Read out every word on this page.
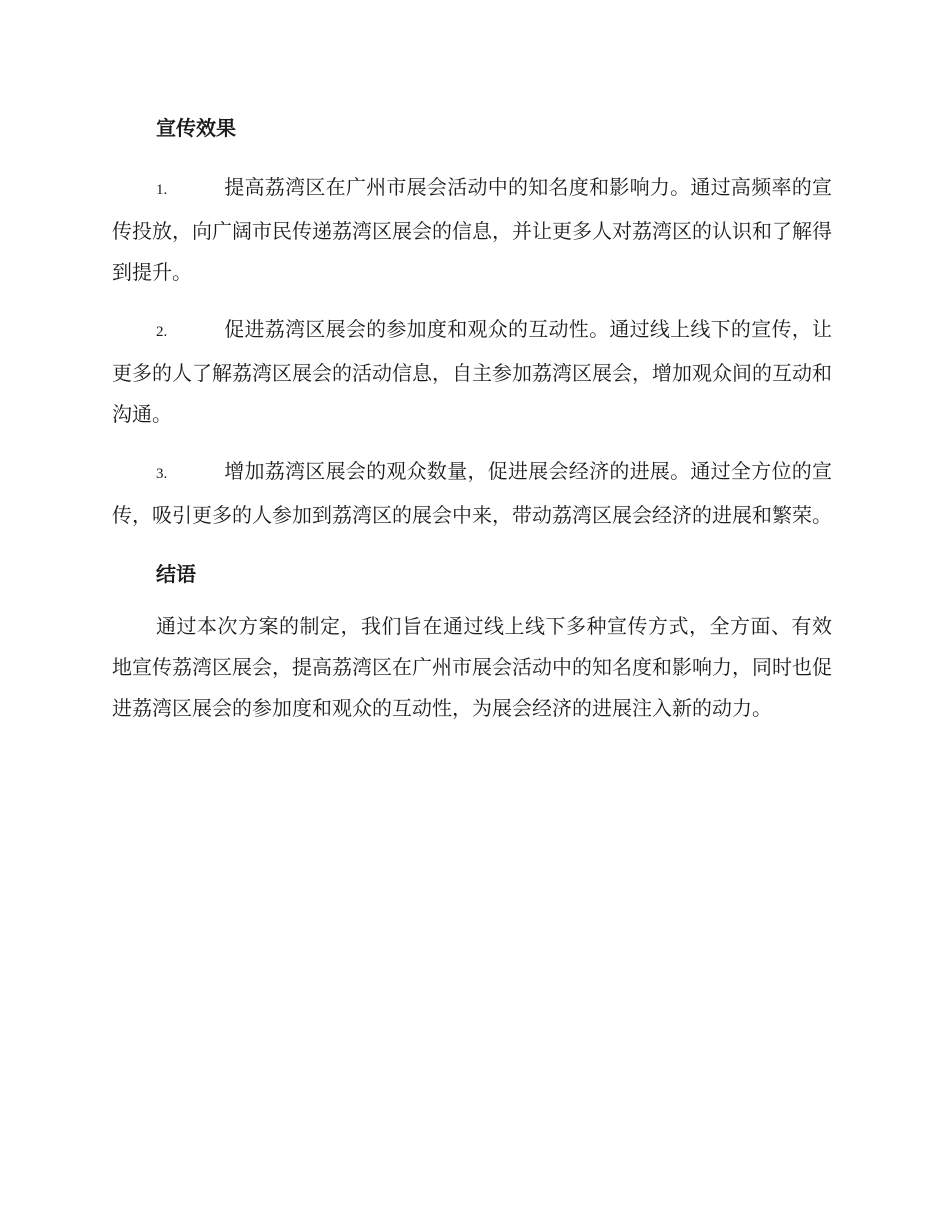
宣传效果

1.	提高荔湾区在广州市展会活动中的知名度和影响力。通过高频率的宣传投放，向广阔市民传递荔湾区展会的信息，并让更多人对荔湾区的认识和了解得到提升。

2.	促进荔湾区展会的参加度和观众的互动性。通过线上线下的宣传，让更多的人了解荔湾区展会的活动信息，自主参加荔湾区展会，增加观众间的互动和沟通。

3.	增加荔湾区展会的观众数量，促进展会经济的进展。通过全方位的宣传，吸引更多的人参加到荔湾区的展会中来，带动荔湾区展会经济的进展和繁荣。

结语

通过本次方案的制定，我们旨在通过线上线下多种宣传方式，全方面、有效地宣传荔湾区展会，提高荔湾区在广州市展会活动中的知名度和影响力，同时也促进荔湾区展会的参加度和观众的互动性，为展会经济的进展注入新的动力。
